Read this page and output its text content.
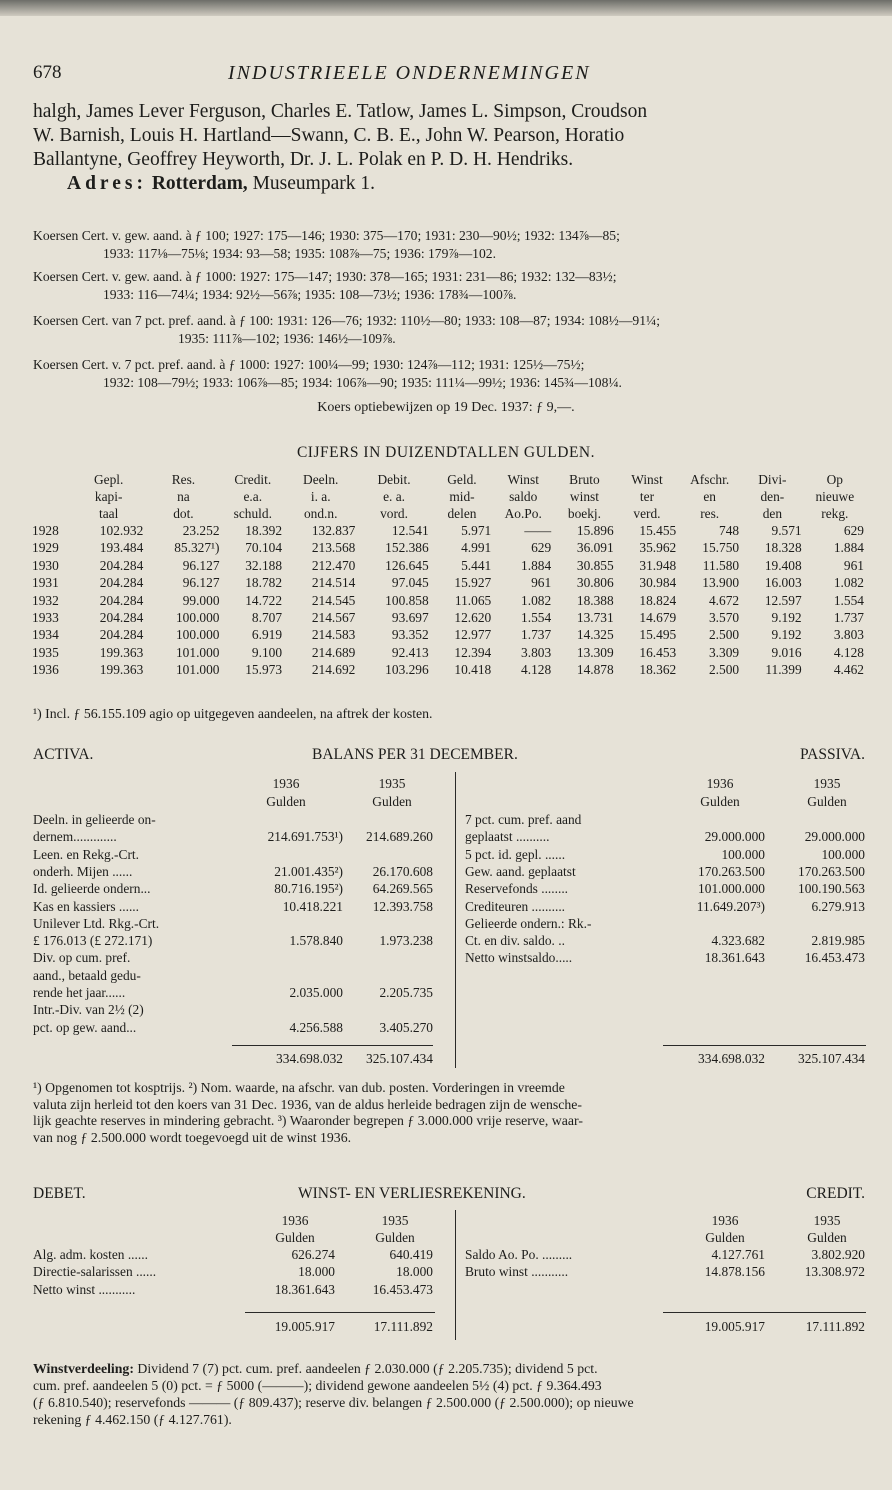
678	INDUSTRIEELE ONDERNEMINGEN
halgh, James Lever Ferguson, Charles E. Tatlow, James L. Simpson, Croudson
W. Barnish, Louis H. Hartland—Swann, C. B. E., John W. Pearson, Horatio
Ballantyne, Geoffrey Heyworth, Dr. J. L. Polak en P. D. H. Hendriks.
Adres: Rotterdam, Museumpark 1.
Koersen Cert. v. gew. aand. à ƒ 100; 1927: 175—146; 1930: 375—170; 1931: 230—90½; 1932: 134⅞—85;
1933: 117⅛—75⅛; 1934: 93—58; 1935: 108⅞—75; 1936: 179⅞—102.
Koersen Cert. v. gew. aand. à ƒ 1000: 1927: 175—147; 1930: 378—165; 1931: 231—86; 1932: 132—83½;
1933: 116—74¼; 1934: 92½—56⅞; 1935: 108—73½; 1936: 178¾—100⅞.
Koersen Cert. van 7 pct. pref. aand. à ƒ 100: 1931: 126—76; 1932: 110½—80; 1933: 108—87; 1934: 108½—91¼;
1935: 111⅞—102; 1936: 146½—109⅞.
Koersen Cert. v. 7 pct. pref. aand. à ƒ 1000: 1927: 100¼—99; 1930: 124⅞—112; 1931: 125½—75½;
1932: 108—79½; 1933: 106⅞—85; 1934: 106⅞—90; 1935: 111¼—99½; 1936: 145¾—108¼.
Koers optiebewijzen op 19 Dec. 1937: ƒ 9,—.
CIJFERS IN DUIZENDTALLEN GULDEN.
	Gepl.	Res.	Credit.	Deeln.	Debit.	Geld.	Winst	Bruto	Winst	Afschr.	Divi-	Op
	kapi-	na	e.a.	i. a.	e. a.	mid-	saldo	winst	ter	en	den-	nieuwe
	taal	dot.	schuld.	ond.n.	vord.	delen	Ao.Po.	boekj.	verd.	res.	den	rekg.
1928	102.932	23.252	18.392	132.837	12.541	5.971	——	15.896	15.455	748	9.571	629
1929	193.484	85.327¹)	70.104	213.568	152.386	4.991	629	36.091	35.962	15.750	18.328	1.884
1930	204.284	96.127	32.188	212.470	126.645	5.441	1.884	30.855	31.948	11.580	19.408	961
1931	204.284	96.127	18.782	214.514	97.045	15.927	961	30.806	30.984	13.900	16.003	1.082
1932	204.284	99.000	14.722	214.545	100.858	11.065	1.082	18.388	18.824	4.672	12.597	1.554
1933	204.284	100.000	8.707	214.567	93.697	12.620	1.554	13.731	14.679	3.570	9.192	1.737
1934	204.284	100.000	6.919	214.583	93.352	12.977	1.737	14.325	15.495	2.500	9.192	3.803
1935	199.363	101.000	9.100	214.689	92.413	12.394	3.803	13.309	16.453	3.309	9.016	4.128
1936	199.363	101.000	15.973	214.692	103.296	10.418	4.128	14.878	18.362	2.500	11.399	4.462
¹) Incl. ƒ 56.155.109 agio op uitgegeven aandeelen, na aftrek der kosten.
ACTIVA.	BALANS PER 31 DECEMBER.	PASSIVA.
1936	1935
Gulden	Gulden
1936	1935
Gulden	Gulden
Deeln. in gelieerde on-
dernem.............	214.691.753¹)	214.689.260
Leen. en Rekg.-Crt.
onderh. Mijen ......	21.001.435²)	26.170.608
Id. gelieerde ondern...	80.716.195²)	64.269.565
Kas en kassiers ......	10.418.221	12.393.758
Unilever Ltd. Rkg.-Crt.
£ 176.013 (£ 272.171)	1.578.840	1.973.238
Div. op cum. pref.
aand., betaald gedu-
rende het jaar......	2.035.000	2.205.735
Intr.-Div. van 2½ (2)
pct. op gew. aand...	4.256.588	3.405.270
7 pct. cum. pref. aand
geplaatst ..........	29.000.000	29.000.000
5 pct. id. gepl. ......	100.000	100.000
Gew. aand. geplaatst	170.263.500	170.263.500
Reservefonds ........	101.000.000	100.190.563
Crediteuren ..........	11.649.207³)	6.279.913
Gelieerde ondern.: Rk.-
Ct. en div. saldo. ..	4.323.682	2.819.985
Netto winstsaldo.....	18.361.643	16.453.473
334.698.032	325.107.434	334.698.032	325.107.434
¹) Opgenomen tot kosptrijs. ²) Nom. waarde, na afschr. van dub. posten. Vorderingen in vreemde
valuta zijn herleid tot den koers van 31 Dec. 1936, van de aldus herleide bedragen zijn de wensche-
lijk geachte reserves in mindering gebracht. ³) Waaronder begrepen ƒ 3.000.000 vrije reserve, waar-
van nog ƒ 2.500.000 wordt toegevoegd uit de winst 1936.
DEBET.	WINST- EN VERLIESREKENING.	CREDIT.
1936	1935
Gulden	Gulden
1936	1935
Gulden	Gulden
Alg. adm. kosten ......	626.274	640.419
Directie-salarissen ......	18.000	18.000
Netto winst ...........	18.361.643	16.453.473
Saldo Ao. Po. .........	4.127.761	3.802.920
Bruto winst ...........	14.878.156	13.308.972
19.005.917	17.111.892	19.005.917	17.111.892
Winstverdeeling: Dividend 7 (7) pct. cum. pref. aandeelen ƒ 2.030.000 (ƒ 2.205.735); dividend 5 pct.
cum. pref. aandeelen 5 (0) pct. = ƒ 5000 (———); dividend gewone aandeelen 5½ (4) pct. ƒ 9.364.493
(ƒ 6.810.540); reservefonds ——— (ƒ 809.437); reserve div. belangen ƒ 2.500.000 (ƒ 2.500.000); op nieuwe
rekening ƒ 4.462.150 (ƒ 4.127.761).
